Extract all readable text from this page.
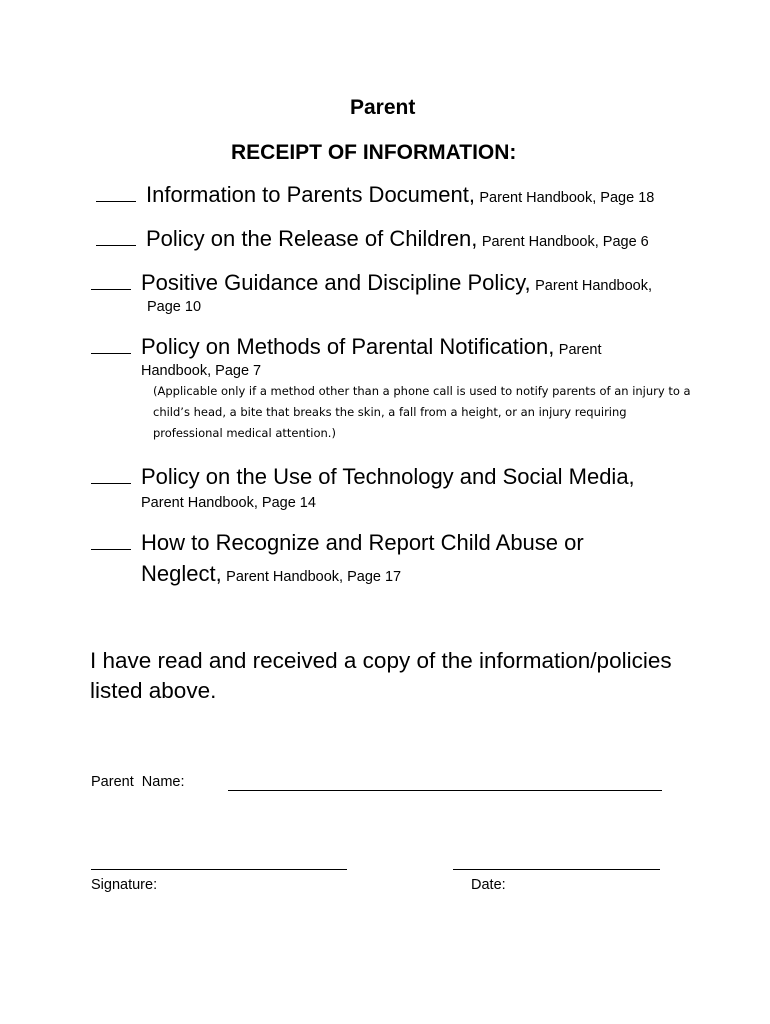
Parent
RECEIPT OF INFORMATION:
Information to Parents Document, Parent Handbook, Page 18
Policy on the Release of Children, Parent Handbook, Page 6
Positive Guidance and Discipline Policy, Parent Handbook,
Page 10
Policy on Methods of Parental Notification, Parent
Handbook, Page 7
(Applicable only if a method other than a phone call is used to notify parents of an injury to a
child’s head, a bite that breaks the skin, a fall from a height, or an injury requiring
professional medical attention.)
Policy on the Use of Technology and Social Media,
Parent Handbook, Page 14
How to Recognize and Report Child Abuse or
Neglect, Parent Handbook, Page 17
I have read and received a copy of the information/policies
listed above.
Parent  Name:
Signature:	Date:
